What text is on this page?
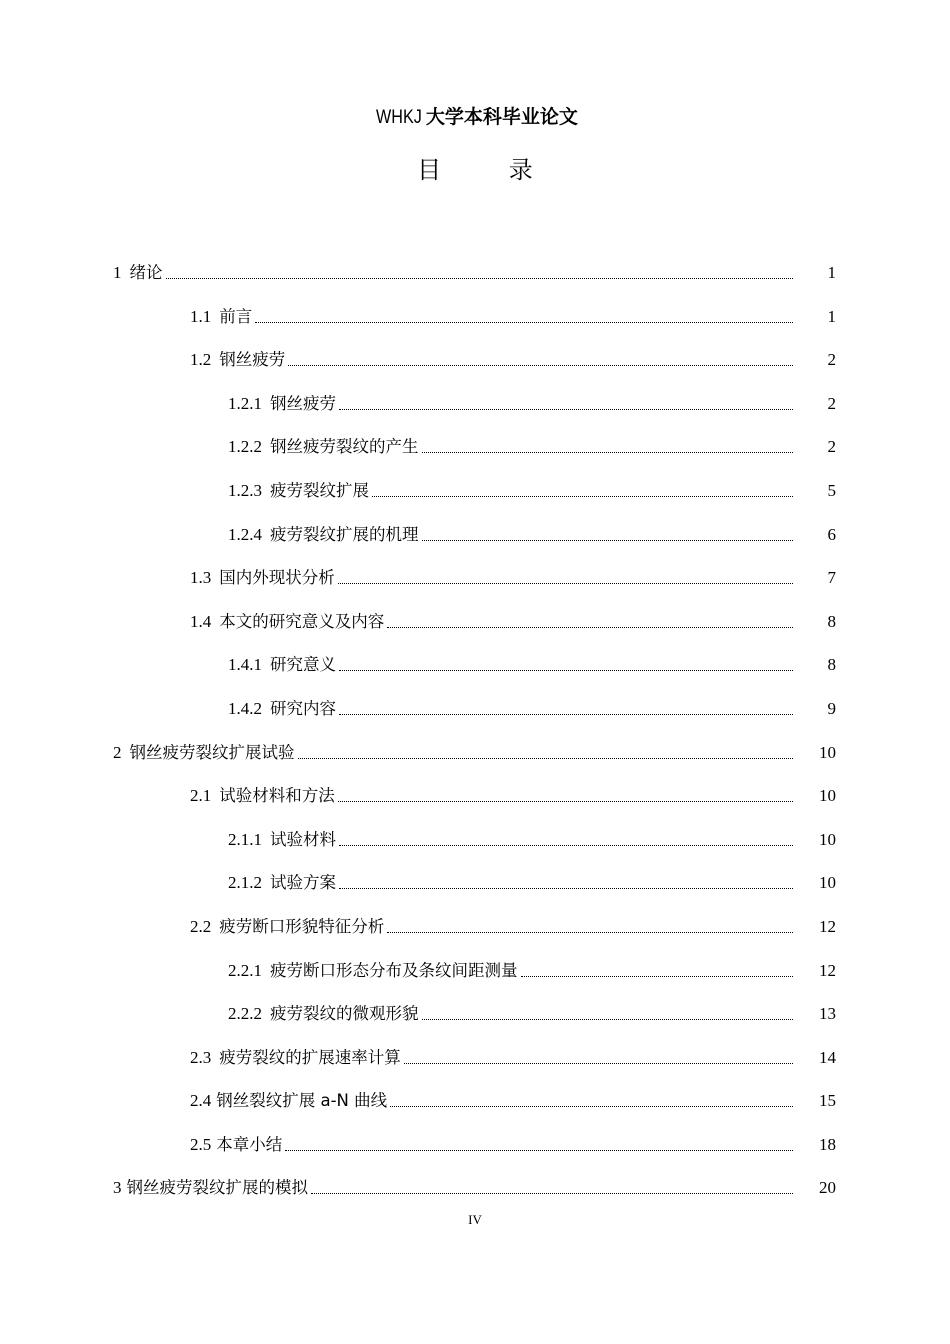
WHKJ 大学本科毕业论文
目 录
1 绪论	1
1.1 前言	1
1.2 钢丝疲劳	2
1.2.1 钢丝疲劳	2
1.2.2 钢丝疲劳裂纹的产生	2
1.2.3 疲劳裂纹扩展	5
1.2.4 疲劳裂纹扩展的机理	6
1.3 国内外现状分析	7
1.4 本文的研究意义及内容	8
1.4.1 研究意义	8
1.4.2 研究内容	9
2 钢丝疲劳裂纹扩展试验	10
2.1 试验材料和方法	10
2.1.1 试验材料	10
2.1.2 试验方案	10
2.2 疲劳断口形貌特征分析	12
2.2.1 疲劳断口形态分布及条纹间距测量	12
2.2.2 疲劳裂纹的微观形貌	13
2.3 疲劳裂纹的扩展速率计算	14
2.4 钢丝裂纹扩展 a-N 曲线	15
2.5 本章小结	18
3 钢丝疲劳裂纹扩展的模拟	20
IV
